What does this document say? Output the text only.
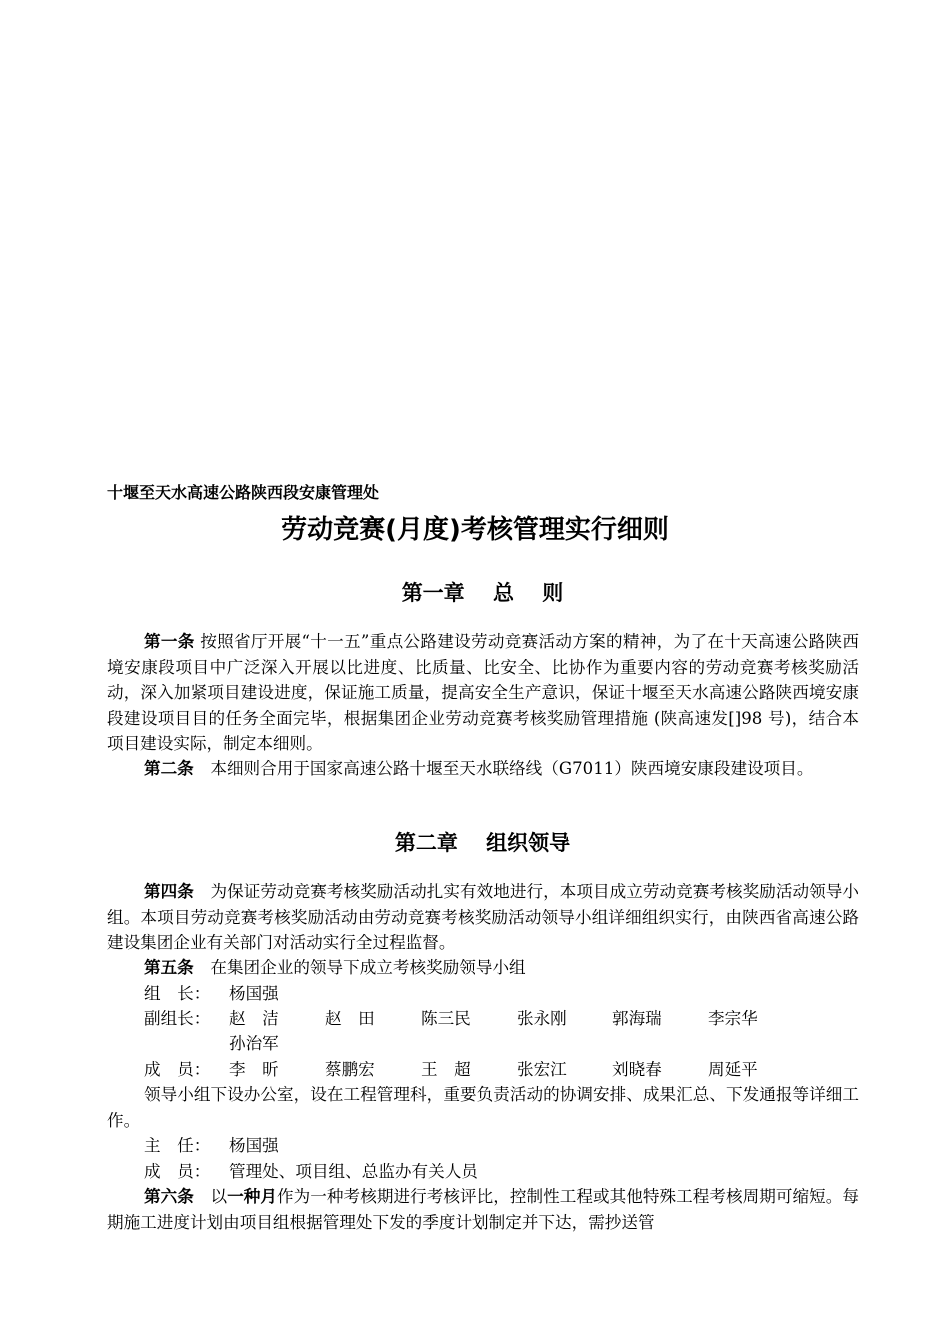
十堰至天水高速公路陕西段安康管理处
劳动竞赛(月度)考核管理实行细则
第一章　 总　 则
第一条 按照省厅开展“十一五”重点公路建设劳动竞赛活动方案的精神，为了在十天高速公路陕西境安康段项目中广泛深入开展以比进度、比质量、比安全、比协作为重要内容的劳动竞赛考核奖励活动，深入加紧项目建设进度，保证施工质量，提高安全生产意识，保证十堰至天水高速公路陕西境安康段建设项目目的任务全面完毕，根据集团企业劳动竞赛考核奖励管理措施 (陕高速发[]98 号)，结合本项目建设实际，制定本细则。
第二条　本细则合用于国家高速公路十堰至天水联络线（G7011）陕西境安康段建设项目。
第二章　 组织领导
第四条　为保证劳动竞赛考核奖励活动扎实有效地进行，本项目成立劳动竞赛考核奖励活动领导小组。本项目劳动竞赛考核奖励活动由劳动竞赛考核奖励活动领导小组详细组织实行，由陕西省高速公路建设集团企业有关部门对活动实行全过程监督。
第五条　在集团企业的领导下成立考核奖励领导小组
组　长： 杨国强
副组长： 赵　洁	赵　田	陈三民	张永刚	郭海瑞	李宗华
孙治军
成　员： 李　昕	蔡鹏宏	王　超	张宏江	刘晓春	周延平
领导小组下设办公室，设在工程管理科，重要负责活动的协调安排、成果汇总、下发通报等详细工作。
主　任： 杨国强
成　员： 管理处、项目组、总监办有关人员
第六条　以一种月作为一种考核期进行考核评比，控制性工程或其他特殊工程考核周期可缩短。每期施工进度计划由项目组根据管理处下发的季度计划制定并下达，需抄送管
